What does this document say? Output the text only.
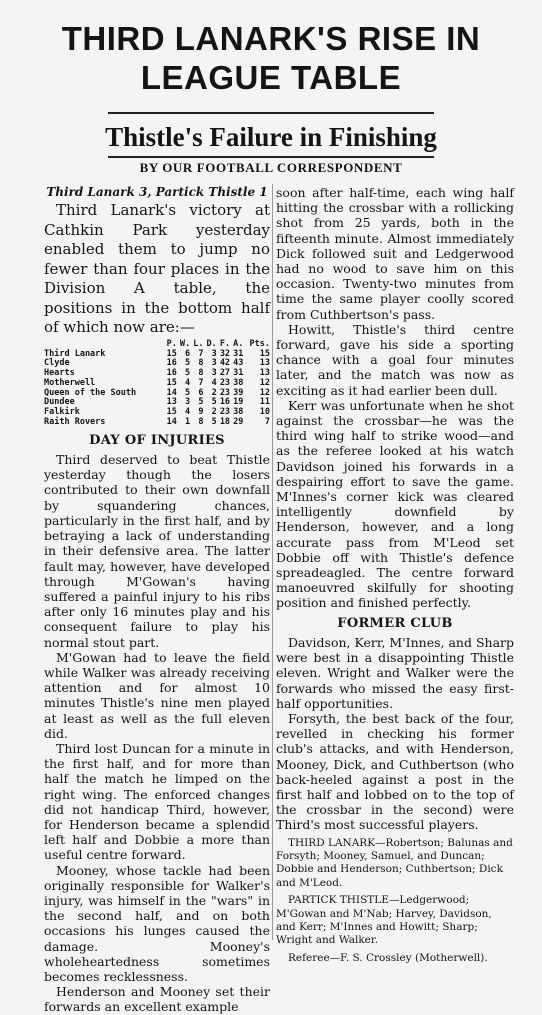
THIRD LANARK'S RISE IN
LEAGUE TABLE
Thistle's Failure in Finishing
BY OUR FOOTBALL CORRESPONDENT

Third Lanark 3, Partick Thistle 1

Third Lanark's victory at Cathkin Park yesterday enabled them to jump no fewer than four places in the Division A table, the positions in the bottom half of which now are:—

	P.	W.	L.	D.	F.	A.	Pts.
Third Lanark	15	6	7	3	32	31	15
Clyde	16	5	8	3	42	43	13
Hearts	16	5	8	3	27	31	13
Motherwell	15	4	7	4	23	38	12
Queen of the South	14	5	6	2	23	39	12
Dundee	13	3	5	5	16	19	11
Falkirk	15	4	9	2	23	38	10
Raith Rovers	14	1	8	5	18	29	7

DAY OF INJURIES

Third deserved to beat Thistle yesterday though the losers contributed to their own downfall by squandering chances, particularly in the first half, and by betraying a lack of understanding in their defensive area. The latter fault may, however, have developed through M'Gowan's having suffered a painful injury to his ribs after only 16 minutes play and his consequent failure to play his normal stout part.

M'Gowan had to leave the field while Walker was already receiving attention and for almost 10 minutes Thistle's nine men played at least as well as the full eleven did.

Third lost Duncan for a minute in the first half, and for more than half the match he limped on the right wing. The enforced changes did not handicap Third, however, for Henderson became a splendid left half and Dobbie a more than useful centre forward.

Mooney, whose tackle had been originally responsible for Walker's injury, was himself in the "wars" in the second half, and on both occasions his lunges caused the damage. Mooney's wholeheartedness sometimes becomes recklessness.

Henderson and Mooney set their forwards an excellent example

soon after half-time, each wing half hitting the crossbar with a rollicking shot from 25 yards, both in the fifteenth minute. Almost immediately Dick followed suit and Ledgerwood had no wood to save him on this occasion. Twenty-two minutes from time the same player coolly scored from Cuthbertson's pass.

Howitt, Thistle's third centre forward, gave his side a sporting chance with a goal four minutes later, and the match was now as exciting as it had earlier been dull.

Kerr was unfortunate when he shot against the crossbar—he was the third wing half to strike wood—and as the referee looked at his watch Davidson joined his forwards in a despairing effort to save the game. M'Innes's corner kick was cleared intelligently downfield by Henderson, however, and a long accurate pass from M'Leod set Dobbie off with Thistle's defence spreadeagled. The centre forward manoeuvred skilfully for shooting position and finished perfectly.

FORMER CLUB

Davidson, Kerr, M'Innes, and Sharp were best in a disappointing Thistle eleven. Wright and Walker were the forwards who missed the easy first-half opportunities.

Forsyth, the best back of the four, revelled in checking his former club's attacks, and with Henderson, Mooney, Dick, and Cuthbertson (who back-heeled against a post in the first half and lobbed on to the top of the crossbar in the second) were Third's most successful players.

THIRD LANARK—Robertson; Balunas and Forsyth; Mooney, Samuel, and Duncan; Dobbie and Henderson; Cuthbertson; Dick and M'Leod.

PARTICK THISTLE—Ledgerwood; M'Gowan and M'Nab; Harvey, Davidson, and Kerr; M'Innes and Howitt; Sharp; Wright and Walker.

Referee—F. S. Crossley (Motherwell).
